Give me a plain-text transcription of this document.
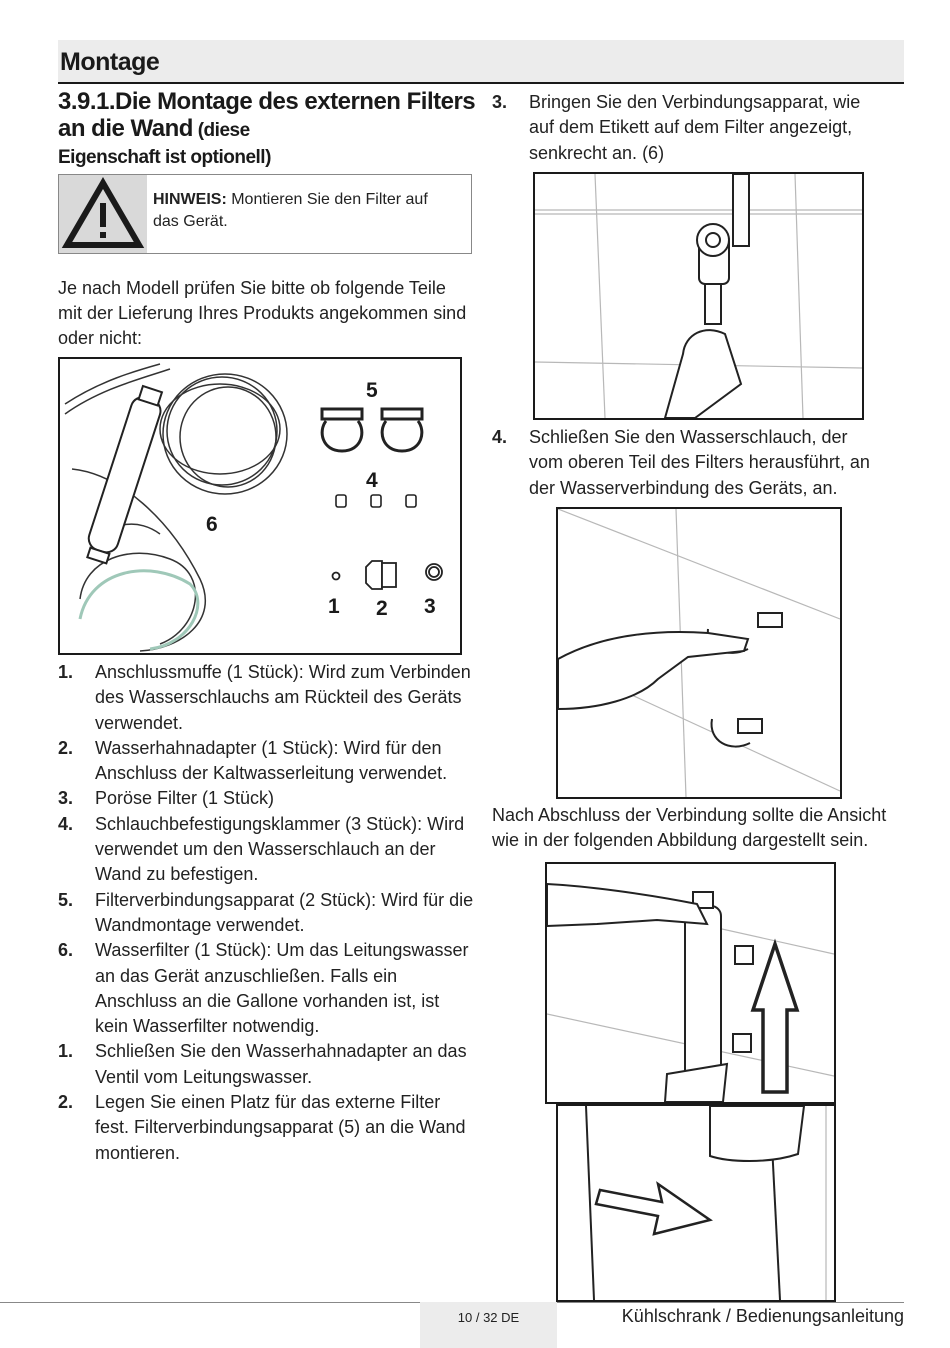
Montage
3.9.1.Die Montage des externen Filters an die Wand (diese
Eigenschaft ist optionell)
HINWEIS: Montieren Sie den Filter auf das Gerät.
Je nach Modell prüfen Sie bitte ob folgende Teile mit der Lieferung Ihres Produkts angekommen sind oder nicht:
5
4
6
1 2 3
1. Anschlussmuffe (1 Stück): Wird zum Verbinden des Wasserschlauchs am Rückteil des Geräts verwendet.
2. Wasserhahnadapter (1 Stück): Wird für den Anschluss der Kaltwasserleitung verwendet.
3. Poröse Filter (1 Stück)
4. Schlauchbefestigungsklammer (3 Stück): Wird verwendet um den Wasserschlauch an der Wand zu befestigen.
5. Filterverbindungsapparat (2 Stück): Wird für die Wandmontage verwendet.
6. Wasserfilter (1 Stück): Um das Leitungswasser an das Gerät anzuschließen. Falls ein Anschluss an die Gallone vorhanden ist, ist kein Wasserfilter notwendig.
1. Schließen Sie den Wasserhahnadapter an das Ventil vom Leitungswasser.
2. Legen Sie einen Platz für das externe Filter fest. Filterverbindungsapparat (5) an die Wand montieren.
3. Bringen Sie den Verbindungsapparat, wie auf dem Etikett auf dem Filter angezeigt, senkrecht an. (6)
4. Schließen Sie den Wasserschlauch, der vom oberen Teil des Filters herausführt, an der Wasserverbindung des Geräts, an.
Nach Abschluss der Verbindung sollte die Ansicht wie in der folgenden Abbildung dargestellt sein.
10 / 32 DE	Kühlschrank / Bedienungsanleitung
